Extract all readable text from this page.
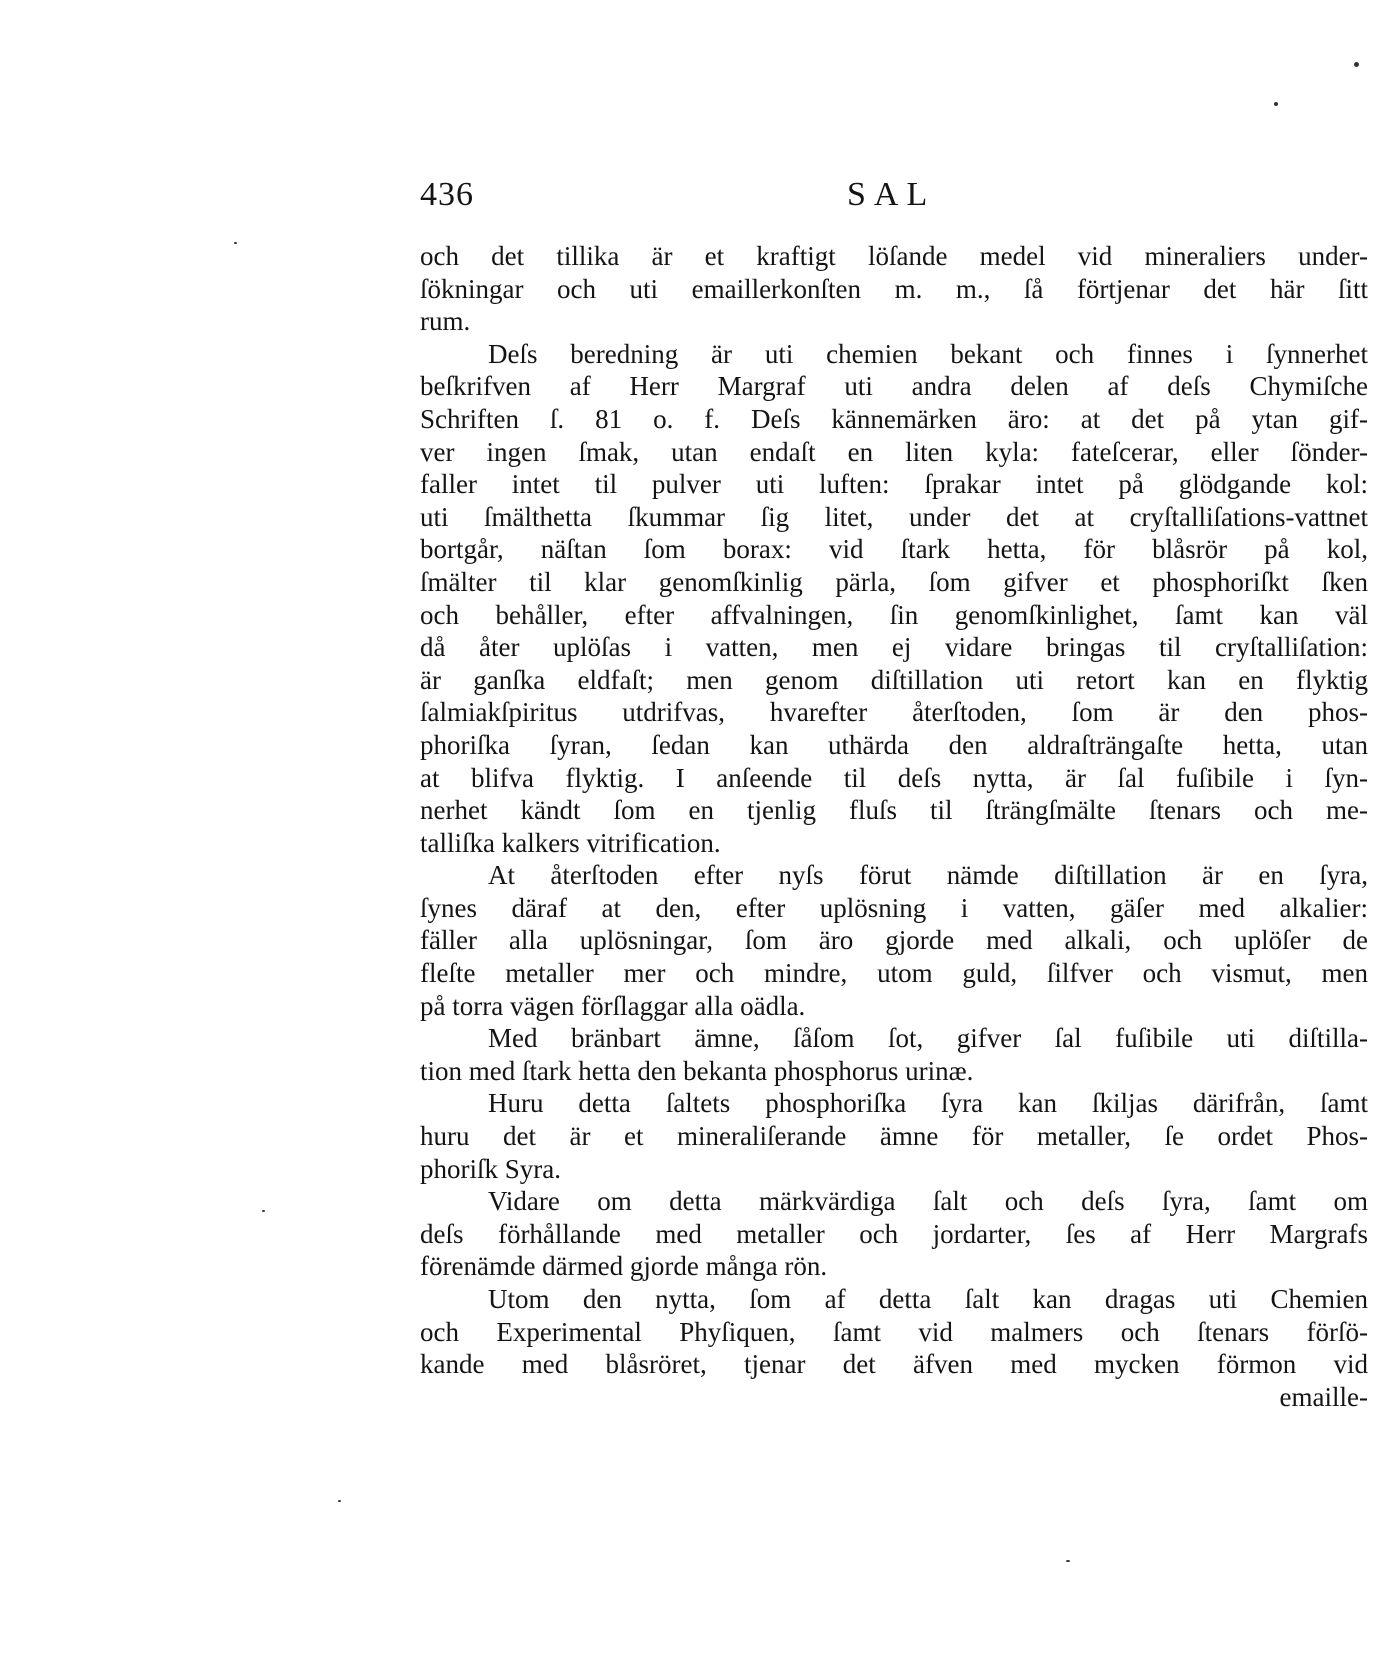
436	SAL
och det tillika är et kraftigt löſande medel vid mineraliers under-
ſökningar och uti emaillerkonſten m. m., ſå förtjenar det här ſitt
rum.
Deſs beredning är uti chemien bekant och finnes i ſynnerhet
beſkrifven af Herr Margraf uti andra delen af deſs Chymiſche
Schriften ſ. 81 o. f. Deſs kännemärken äro: at det på ytan gif-
ver ingen ſmak, utan endaſt en liten kyla: fateſcerar, eller ſönder-
faller intet til pulver uti luften: ſprakar intet på glödgande kol:
uti ſmälthetta ſkummar ſig litet, under det at cryſtalliſations-vattnet
bortgår, näſtan ſom borax: vid ſtark hetta, för blåsrör på kol,
ſmälter til klar genomſkinlig pärla, ſom gifver et phosphoriſkt ſken
och behåller, efter affvalningen, ſin genomſkinlighet, ſamt kan väl
då åter uplöſas i vatten, men ej vidare bringas til cryſtalliſation:
är ganſka eldfaſt; men genom diſtillation uti retort kan en flyktig
ſalmiakſpiritus utdrifvas, hvarefter återſtoden, ſom är den phos-
phoriſka ſyran, ſedan kan uthärda den aldraſträngaſte hetta, utan
at blifva flyktig. I anſeende til deſs nytta, är ſal fuſibile i ſyn-
nerhet kändt ſom en tjenlig fluſs til ſträngſmälte ſtenars och me-
talliſka kalkers vitrification.
At återſtoden efter nyſs förut nämde diſtillation är en ſyra,
ſynes däraf at den, efter uplösning i vatten, gäſer med alkalier:
fäller alla uplösningar, ſom äro gjorde med alkali, och uplöſer de
fleſte metaller mer och mindre, utom guld, ſilfver och vismut, men
på torra vägen förſlaggar alla oädla.
Med bränbart ämne, ſåſom ſot, gifver ſal fuſibile uti diſtilla-
tion med ſtark hetta den bekanta phosphorus urinæ.
Huru detta ſaltets phosphoriſka ſyra kan ſkiljas därifrån, ſamt
huru det är et mineraliſerande ämne för metaller, ſe ordet Phos-
phoriſk Syra.
Vidare om detta märkvärdiga ſalt och deſs ſyra, ſamt om
deſs förhållande med metaller och jordarter, ſes af Herr Margrafs
förenämde därmed gjorde många rön.
Utom den nytta, ſom af detta ſalt kan dragas uti Chemien
och Experimental Phyſiquen, ſamt vid malmers och ſtenars förſö-
kande med blåsröret, tjenar det äfven med mycken förmon vid
emaille-
